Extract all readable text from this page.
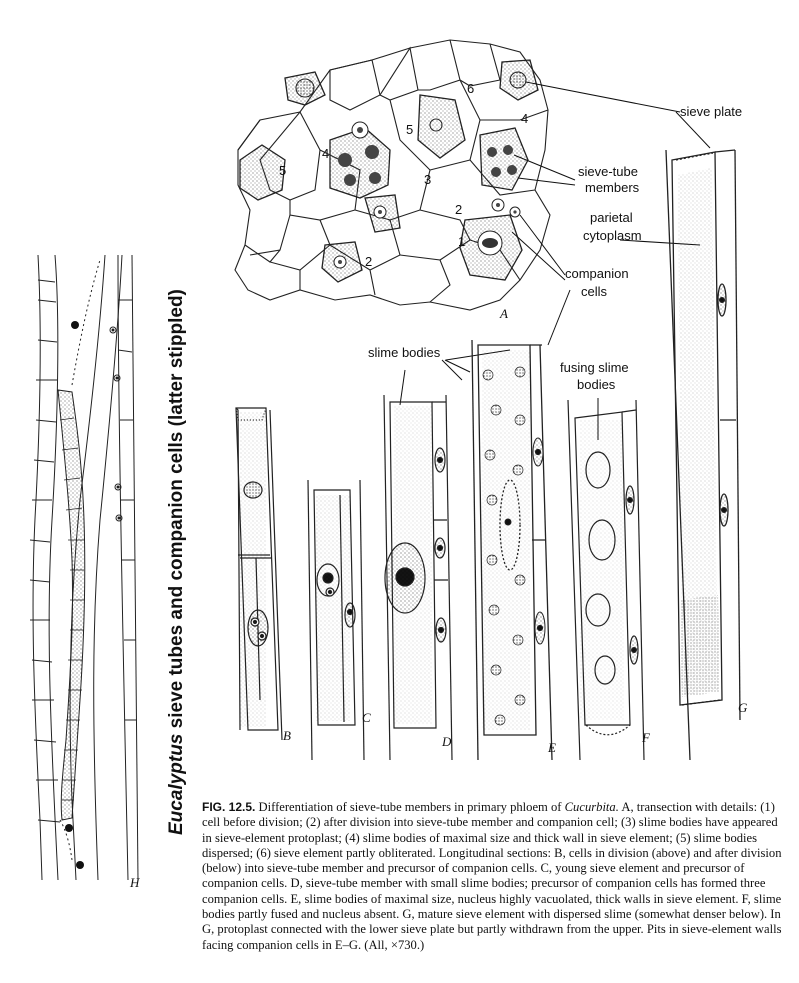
H
Eucalyptus sieve tubes and companion cells (latter stippled)
1
2
2
3
4
4
5
5
6
A
sieve plate
sieve-tube
members
parietal
cytoplasm
companion
cells
slime bodies
fusing slime
bodies
B
C
D	E
F
G
FIG. 12.5. Differentiation of sieve-tube members in primary phloem of Cucurbita. A, transection with details: (1) cell before division; (2) after division into sieve-tube member and companion cell; (3) slime bodies have appeared in sieve-element protoplast; (4) slime bodies of maximal size and thick wall in sieve element; (5) slime bodies dispersed; (6) sieve element partly obliterated. Longitudinal sections: B, cells in division (above) and after division (below) into sieve-tube member and precursor of companion cells. C, young sieve element and precursor of companion cells. D, sieve-tube member with small slime bodies; precursor of companion cells has formed three companion cells. E, slime bodies of maximal size, nucleus highly vacuolated, thick walls in sieve element. F, slime bodies partly fused and nucleus absent. G, mature sieve element with dispersed slime (somewhat denser below). In G, protoplast connected with the lower sieve plate but partly withdrawn from the upper. Pits in sieve-element walls facing companion cells in E–G. (All, ×730.)
